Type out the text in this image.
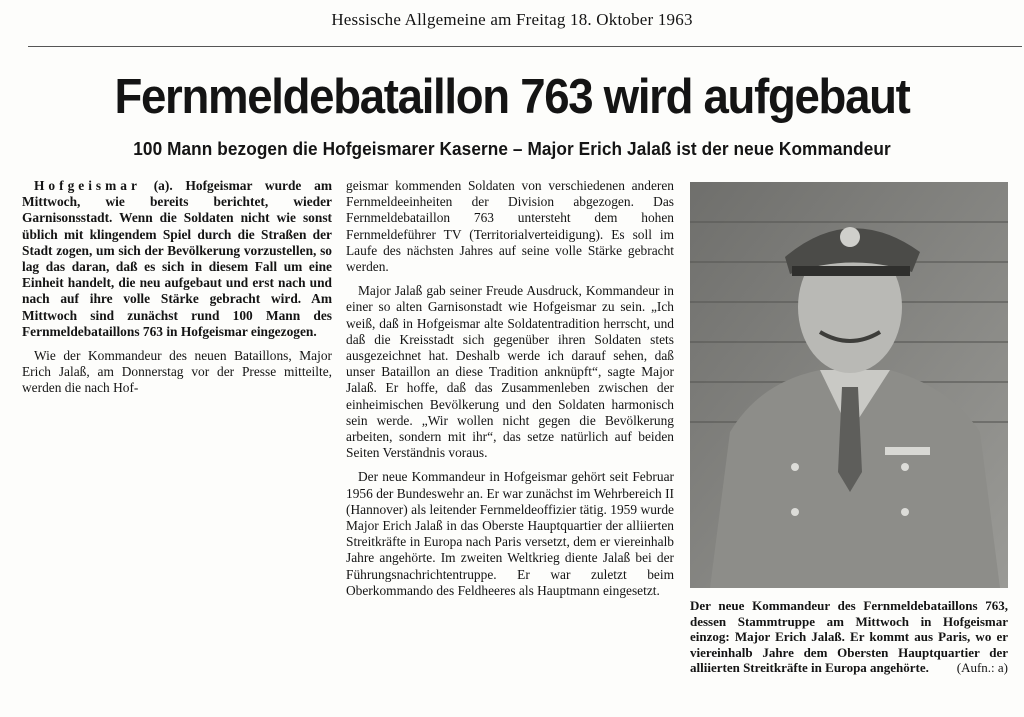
Hessische Allgemeine am Freitag 18. Oktober 1963
Fernmeldebataillon 763 wird aufgebaut
100 Mann bezogen die Hofgeismarer Kaserne – Major Erich Jalaß ist der neue Kommandeur

Hofgeismar (a). Hofgeismar wurde am Mittwoch, wie bereits berichtet, wieder Garnisonsstadt. Wenn die Soldaten nicht wie sonst üblich mit klingendem Spiel durch die Straßen der Stadt zogen, um sich der Bevölkerung vorzustellen, so lag das daran, daß es sich in diesem Fall um eine Einheit handelt, die neu aufgebaut und erst nach und nach auf ihre volle Stärke gebracht wird. Am Mittwoch sind zunächst rund 100 Mann des Fernmeldebataillons 763 in Hofgeismar eingezogen.

Wie der Kommandeur des neuen Bataillons, Major Erich Jalaß, am Donnerstag vor der Presse mitteilte, werden die nach Hof-

geismar kommenden Soldaten von verschiedenen anderen Fernmeldeeinheiten der Division abgezogen. Das Fernmeldebataillon 763 untersteht dem hohen Fernmeldeführer TV (Territorialverteidigung). Es soll im Laufe des nächsten Jahres auf seine volle Stärke gebracht werden.

Major Jalaß gab seiner Freude Ausdruck, Kommandeur in einer so alten Garnisonstadt wie Hofgeismar zu sein. „Ich weiß, daß in Hofgeismar alte Soldatentradition herrscht, und daß die Kreisstadt sich gegenüber ihren Soldaten stets ausgezeichnet hat. Deshalb werde ich darauf sehen, daß unser Bataillon an diese Tradition anknüpft“, sagte Major Jalaß. Er hoffe, daß das Zusammenleben zwischen der einheimischen Bevölkerung und den Soldaten harmonisch sein werde. „Wir wollen nicht gegen die Bevölkerung arbeiten, sondern mit ihr“, das setze natürlich auf beiden Seiten Verständnis voraus.

Der neue Kommandeur in Hofgeismar gehört seit Februar 1956 der Bundeswehr an. Er war zunächst im Wehrbereich II (Hannover) als leitender Fernmeldeoffizier tätig. 1959 wurde Major Erich Jalaß in das Oberste Hauptquartier der alliierten Streitkräfte in Europa nach Paris versetzt, dem er viereinhalb Jahre angehörte. Im zweiten Weltkrieg diente Jalaß bei der Führungsnachrichtentruppe. Er war zuletzt beim Oberkommando des Feldheeres als Hauptmann eingesetzt.

Der neue Kommandeur des Fernmeldebataillons 763, dessen Stammtruppe am Mittwoch in Hofgeismar einzog: Major Erich Jalaß. Er kommt aus Paris, wo er viereinhalb Jahre dem Obersten Hauptquartier der alliierten Streitkräfte in Europa angehörte. (Aufn.: a)
